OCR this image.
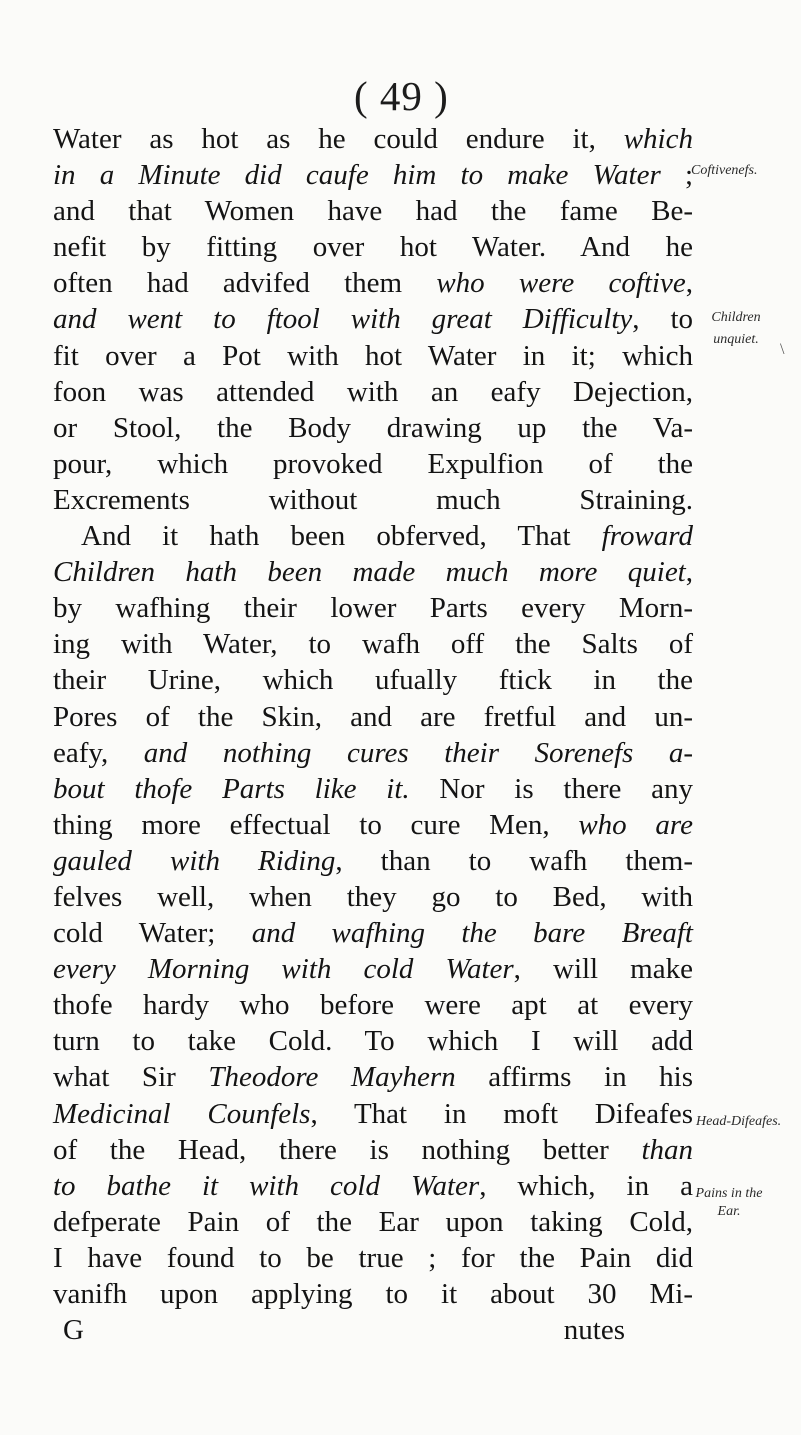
( 49 )
Water as hot as he could endure it, which
in a Minute did caufe him to make Water ;
and that Women have had the fame Be-
nefit by fitting over hot Water. And he
often had advifed them who were coftive,
and went to ftool with great Difficulty, to
fit over a Pot with hot Water in it; which
foon was attended with an eafy Dejection,
or Stool, the Body drawing up the Va-
pour, which provoked Expulfion of the
Excrements without much Straining.
And it hath been obferved, That froward
Children hath been made much more quiet,
by wafhing their lower Parts every Morn-
ing with Water, to wafh off the Salts of
their Urine, which ufually ftick in the
Pores of the Skin, and are fretful and un-
eafy, and nothing cures their Sorenefs a-
bout thofe Parts like it. Nor is there any
thing more effectual to cure Men, who are
gauled with Riding, than to wafh them-
felves well, when they go to Bed, with
cold Water; and wafhing the bare Breaft
every Morning with cold Water, will make
thofe hardy who before were apt at every
turn to take Cold. To which I will add
what Sir Theodore Mayhern affirms in his
Medicinal Counfels, That in moft Difeafes
of the Head, there is nothing better than
to bathe it with cold Water, which, in a
defperate Pain of the Ear upon taking Cold,
I have found to be true ; for the Pain did
vanifh upon applying to it about 30 Mi-
G	nutes
Coftivenefs.
Children unquiet.
Head-Difeafes.
Pains in the Ear.
\
